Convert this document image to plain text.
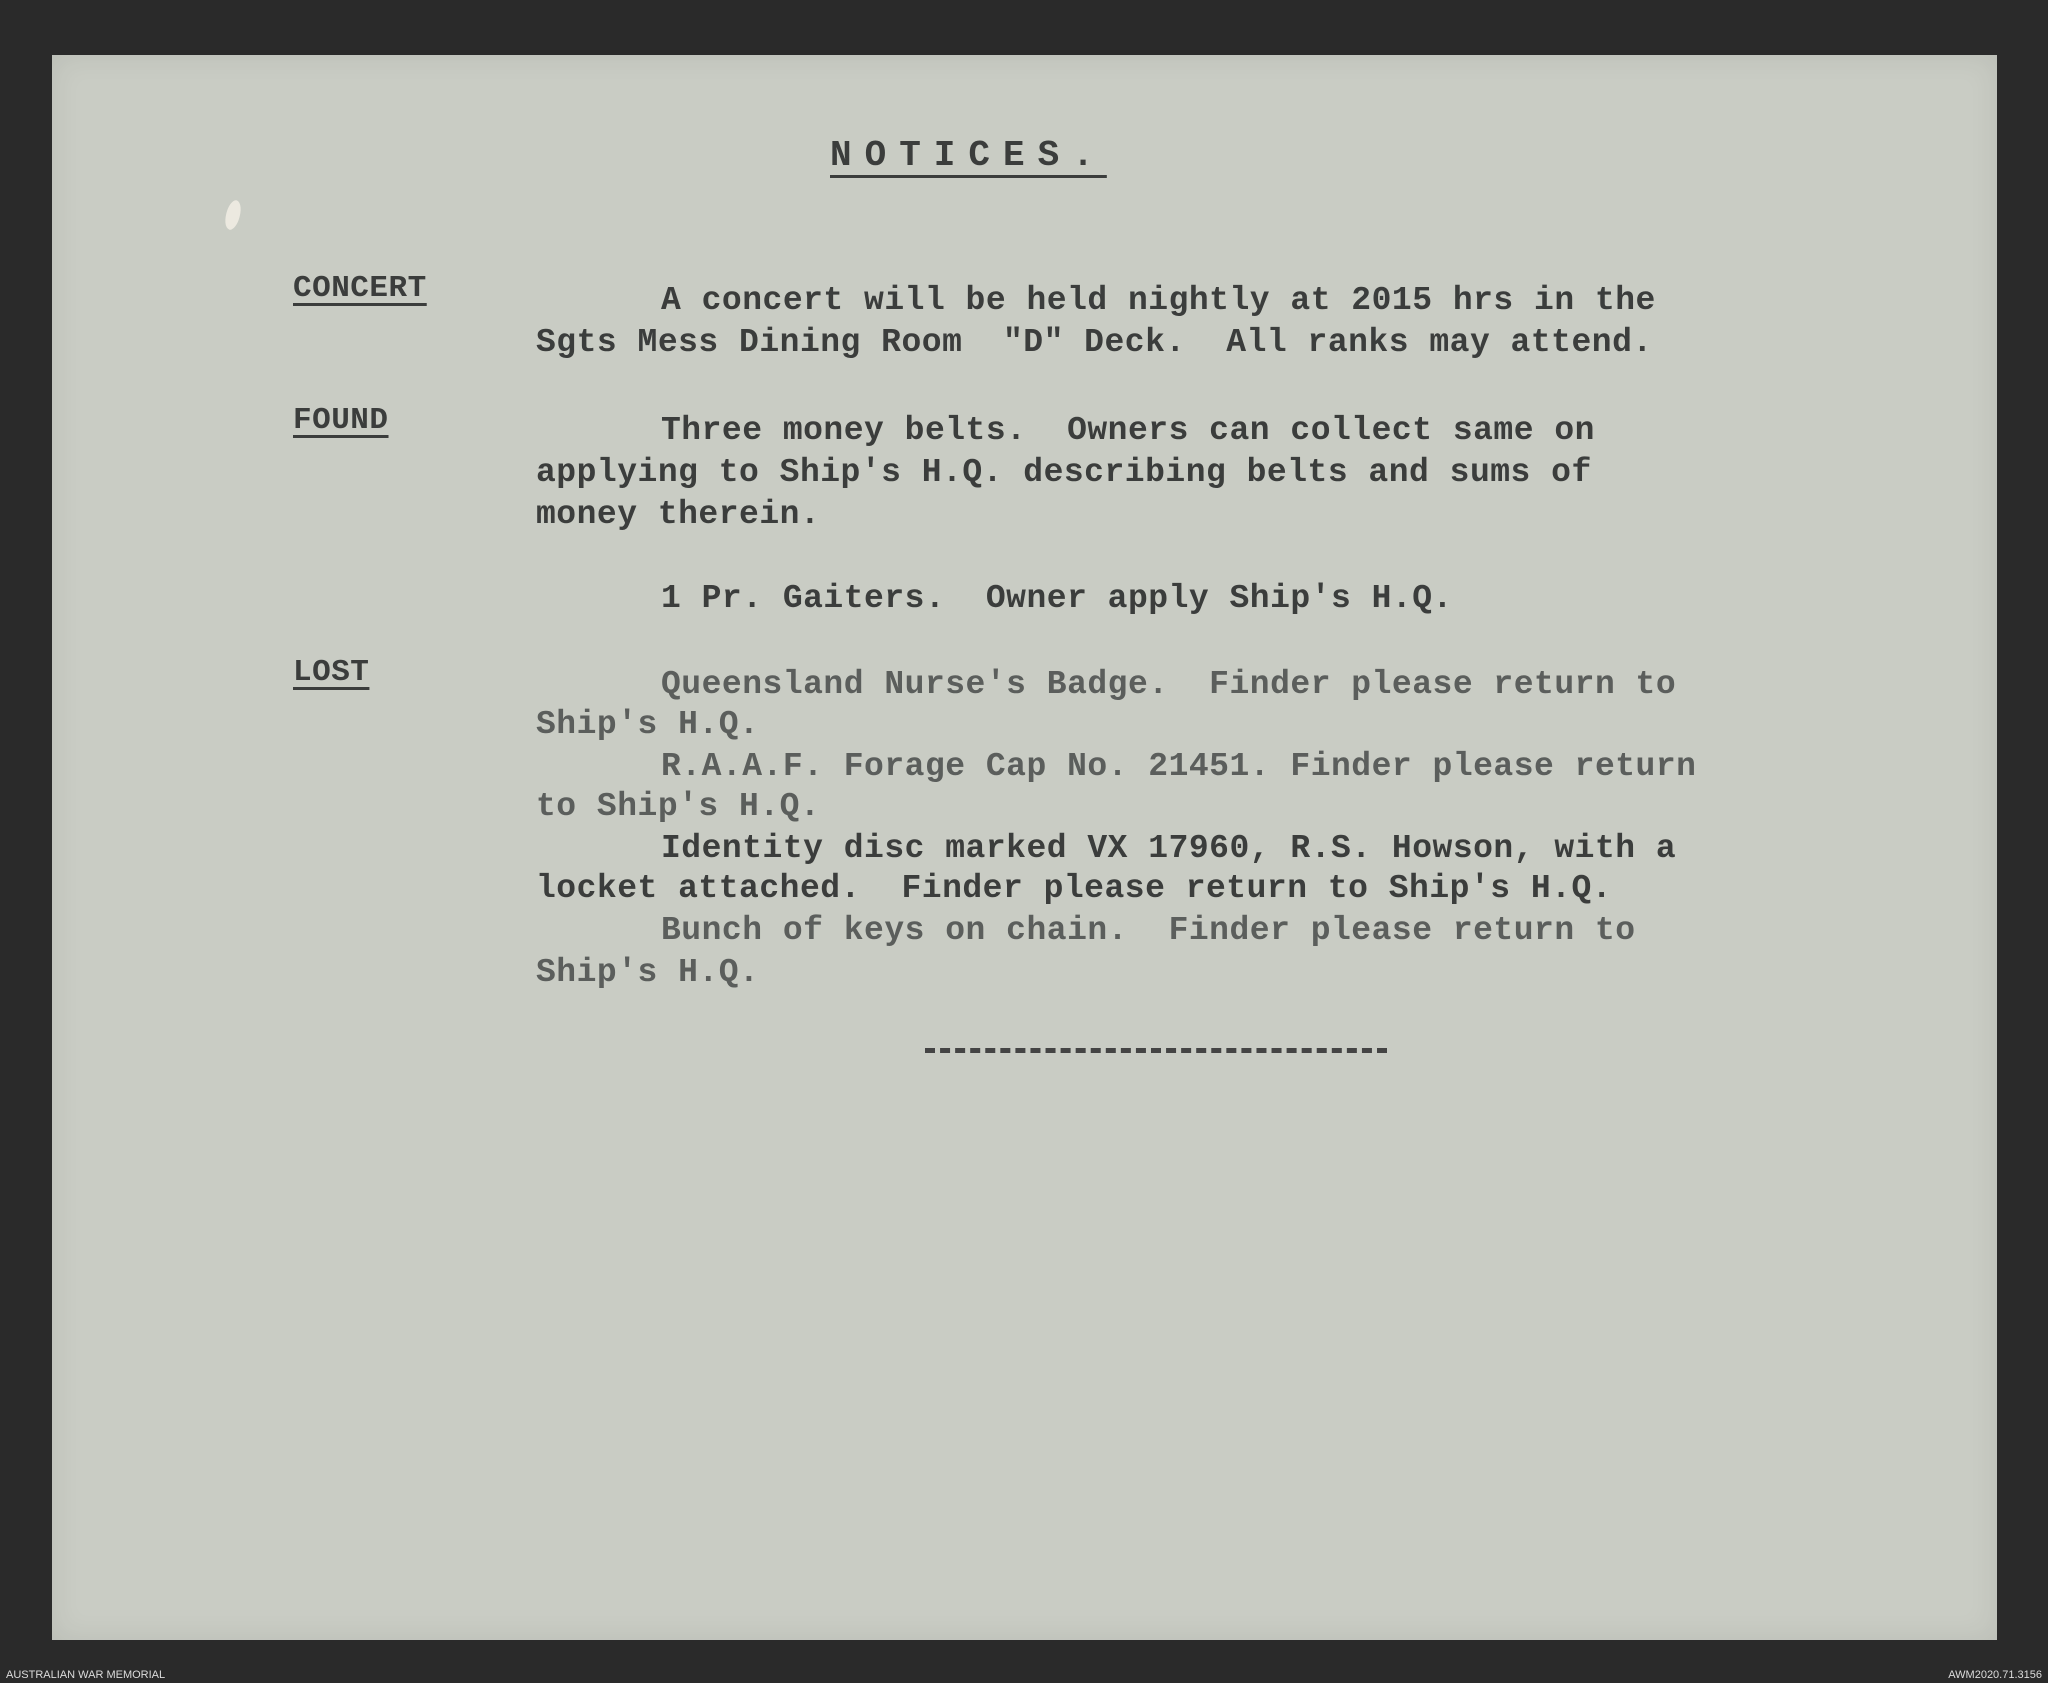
NOTICES.
CONCERT	A concert will be held nightly at 2015 hrs in the
Sgts Mess Dining Room  "D" Deck.  All ranks may attend.
FOUND	Three money belts.  Owners can collect same on
applying to Ship's H.Q. describing belts and sums of
money therein.
1 Pr. Gaiters.  Owner apply Ship's H.Q.
LOST	Queensland Nurse's Badge.  Finder please return to
Ship's H.Q.
R.A.A.F. Forage Cap No. 21451. Finder please return
to Ship's H.Q.
Identity disc marked VX 17960, R.S. Howson, with a
locket attached.  Finder please return to Ship's H.Q.
Bunch of keys on chain.  Finder please return to
Ship's H.Q.
AUSTRALIAN WAR MEMORIAL	AWM2020.71.3156
